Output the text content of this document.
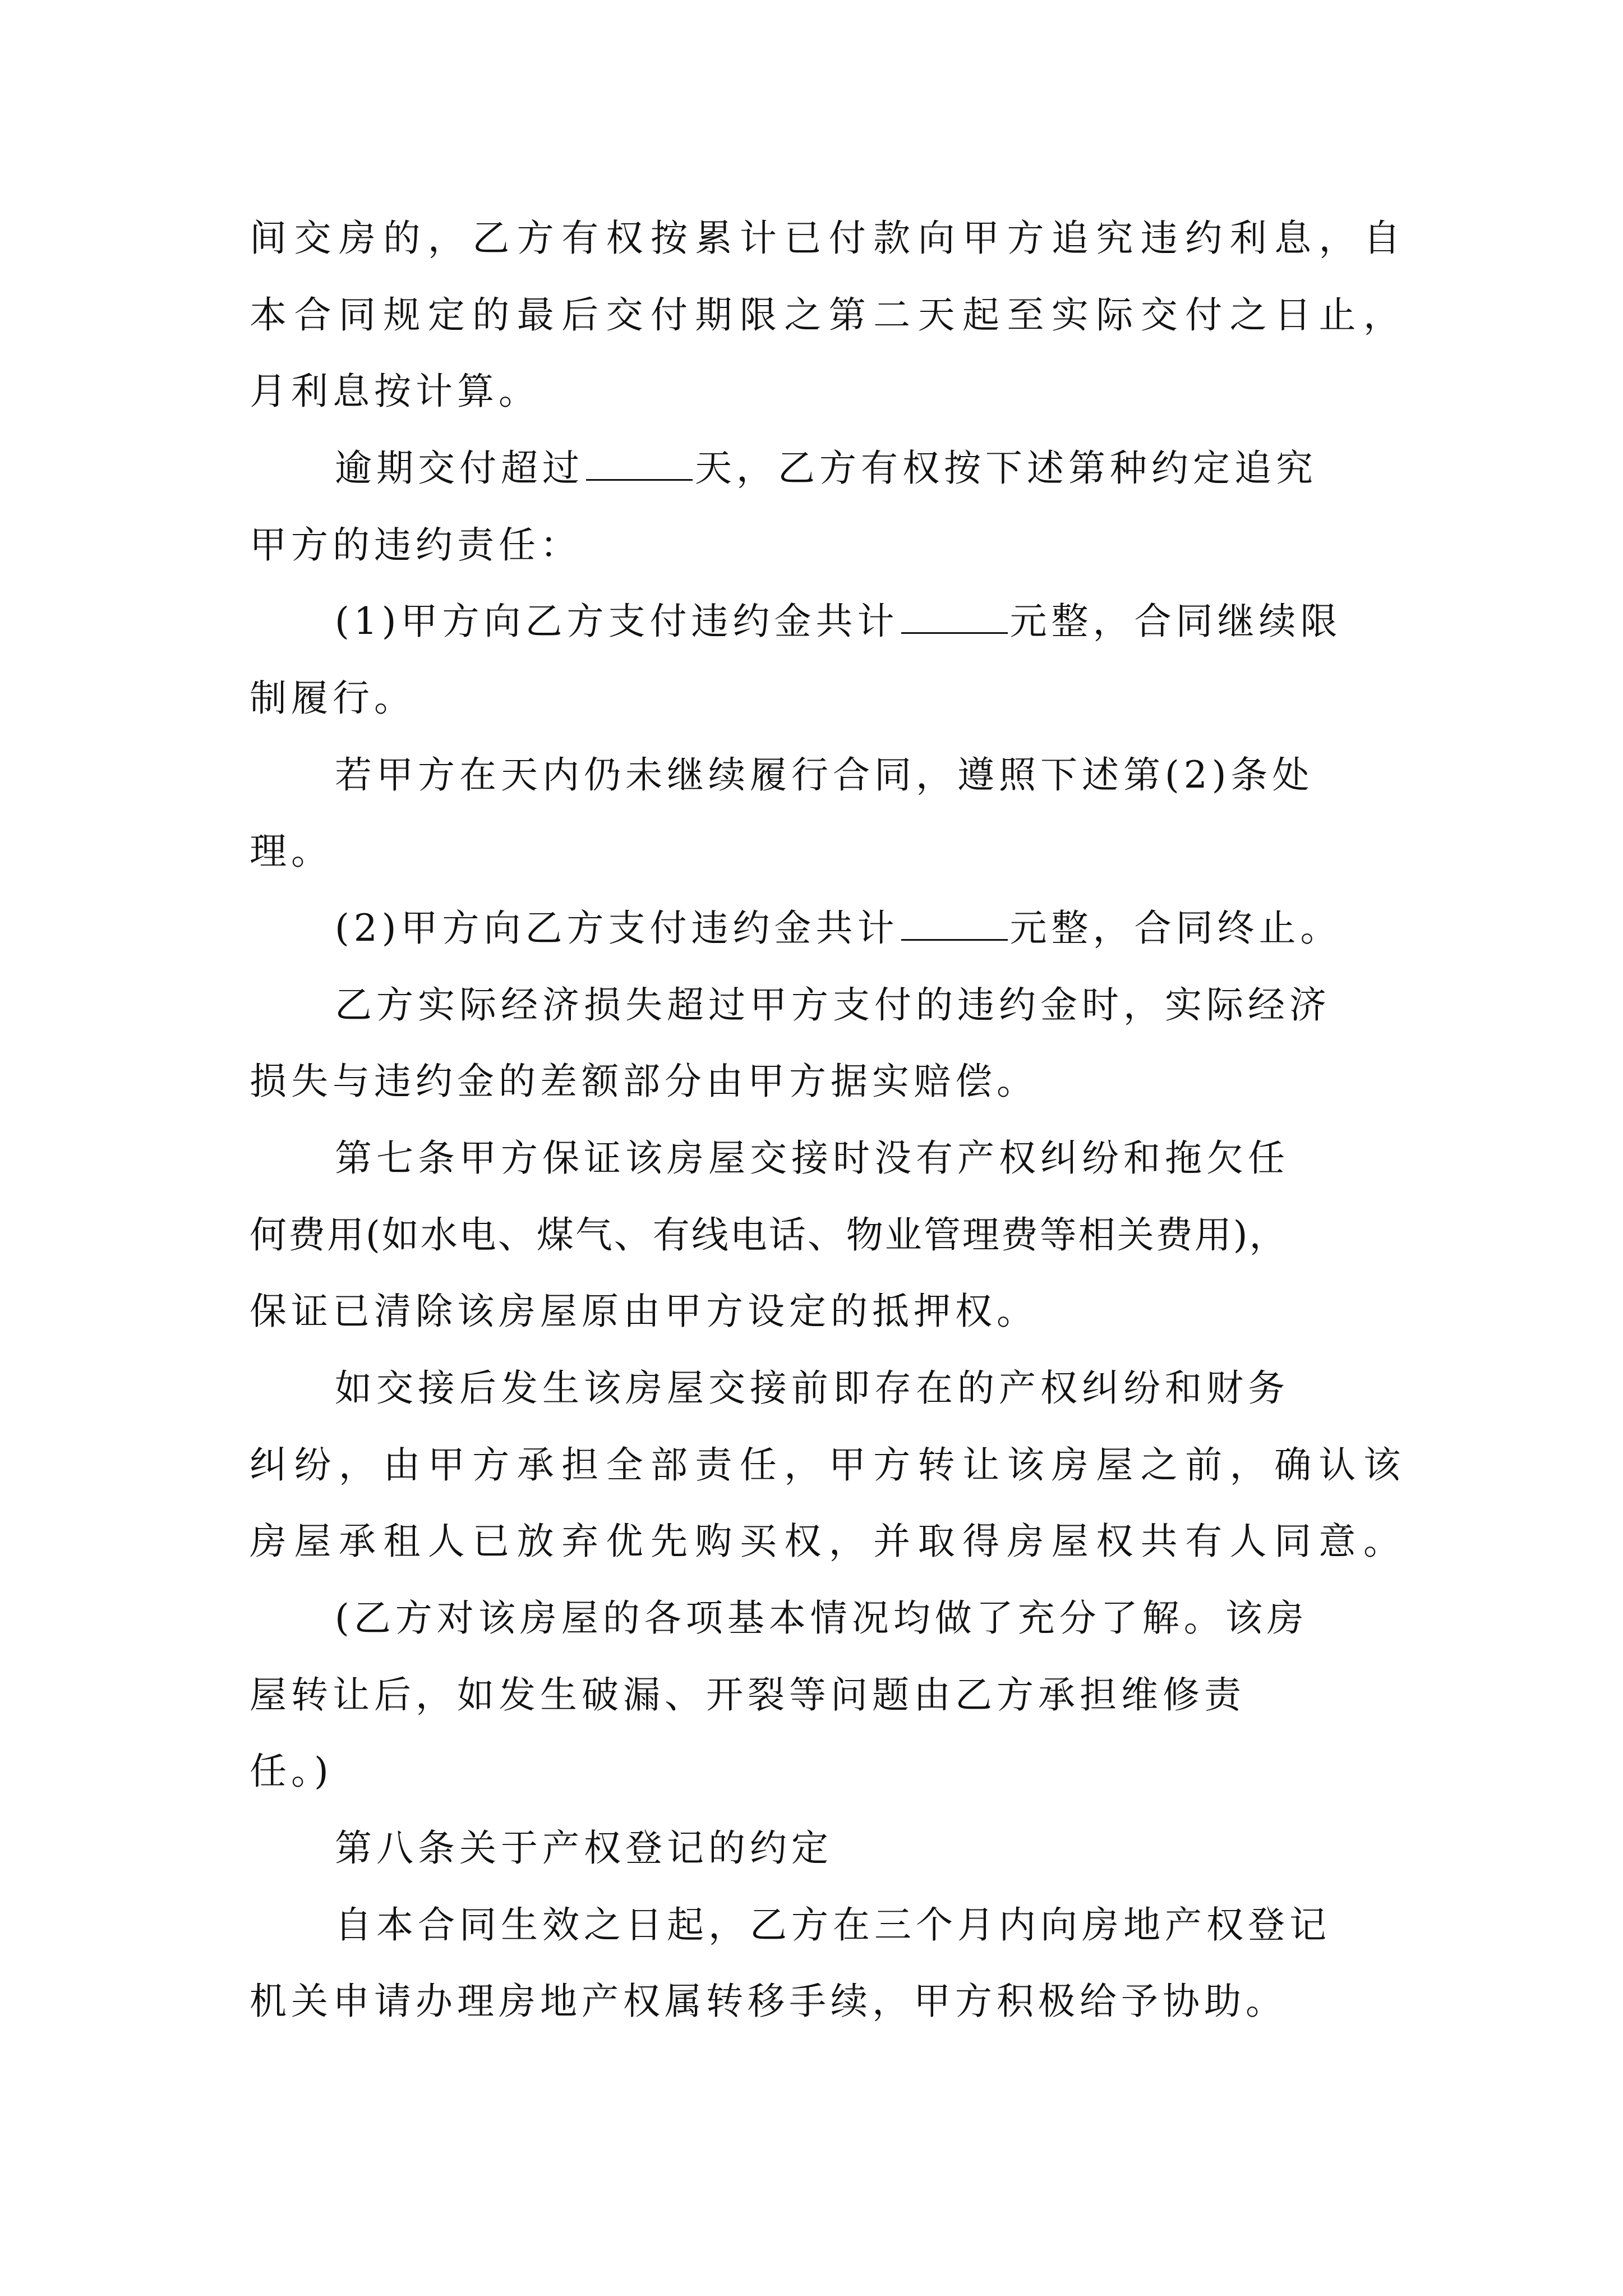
间交房的，乙方有权按累计已付款向甲方追究违约利息，自
本合同规定的最后交付期限之第二天起至实际交付之日止，
月利息按计算。
逾期交付超过	天，乙方有权按下述第种约定追究
甲方的违约责任：
(1)甲方向乙方支付违约金共计	元整，合同继续限
制履行。
若甲方在天内仍未继续履行合同，遵照下述第(2)条处
理。
(2)甲方向乙方支付违约金共计	元整，合同终止。
乙方实际经济损失超过甲方支付的违约金时，实际经济
损失与违约金的差额部分由甲方据实赔偿。
第七条甲方保证该房屋交接时没有产权纠纷和拖欠任
何费用(如水电、煤气、有线电话、物业管理费等相关费用)，
保证已清除该房屋原由甲方设定的抵押权。
如交接后发生该房屋交接前即存在的产权纠纷和财务
纠纷，由甲方承担全部责任，甲方转让该房屋之前，确认该
房屋承租人已放弃优先购买权，并取得房屋权共有人同意。
(乙方对该房屋的各项基本情况均做了充分了解。该房
屋转让后，如发生破漏、开裂等问题由乙方承担维修责
任。)
第八条关于产权登记的约定
自本合同生效之日起，乙方在三个月内向房地产权登记
机关申请办理房地产权属转移手续，甲方积极给予协助。
